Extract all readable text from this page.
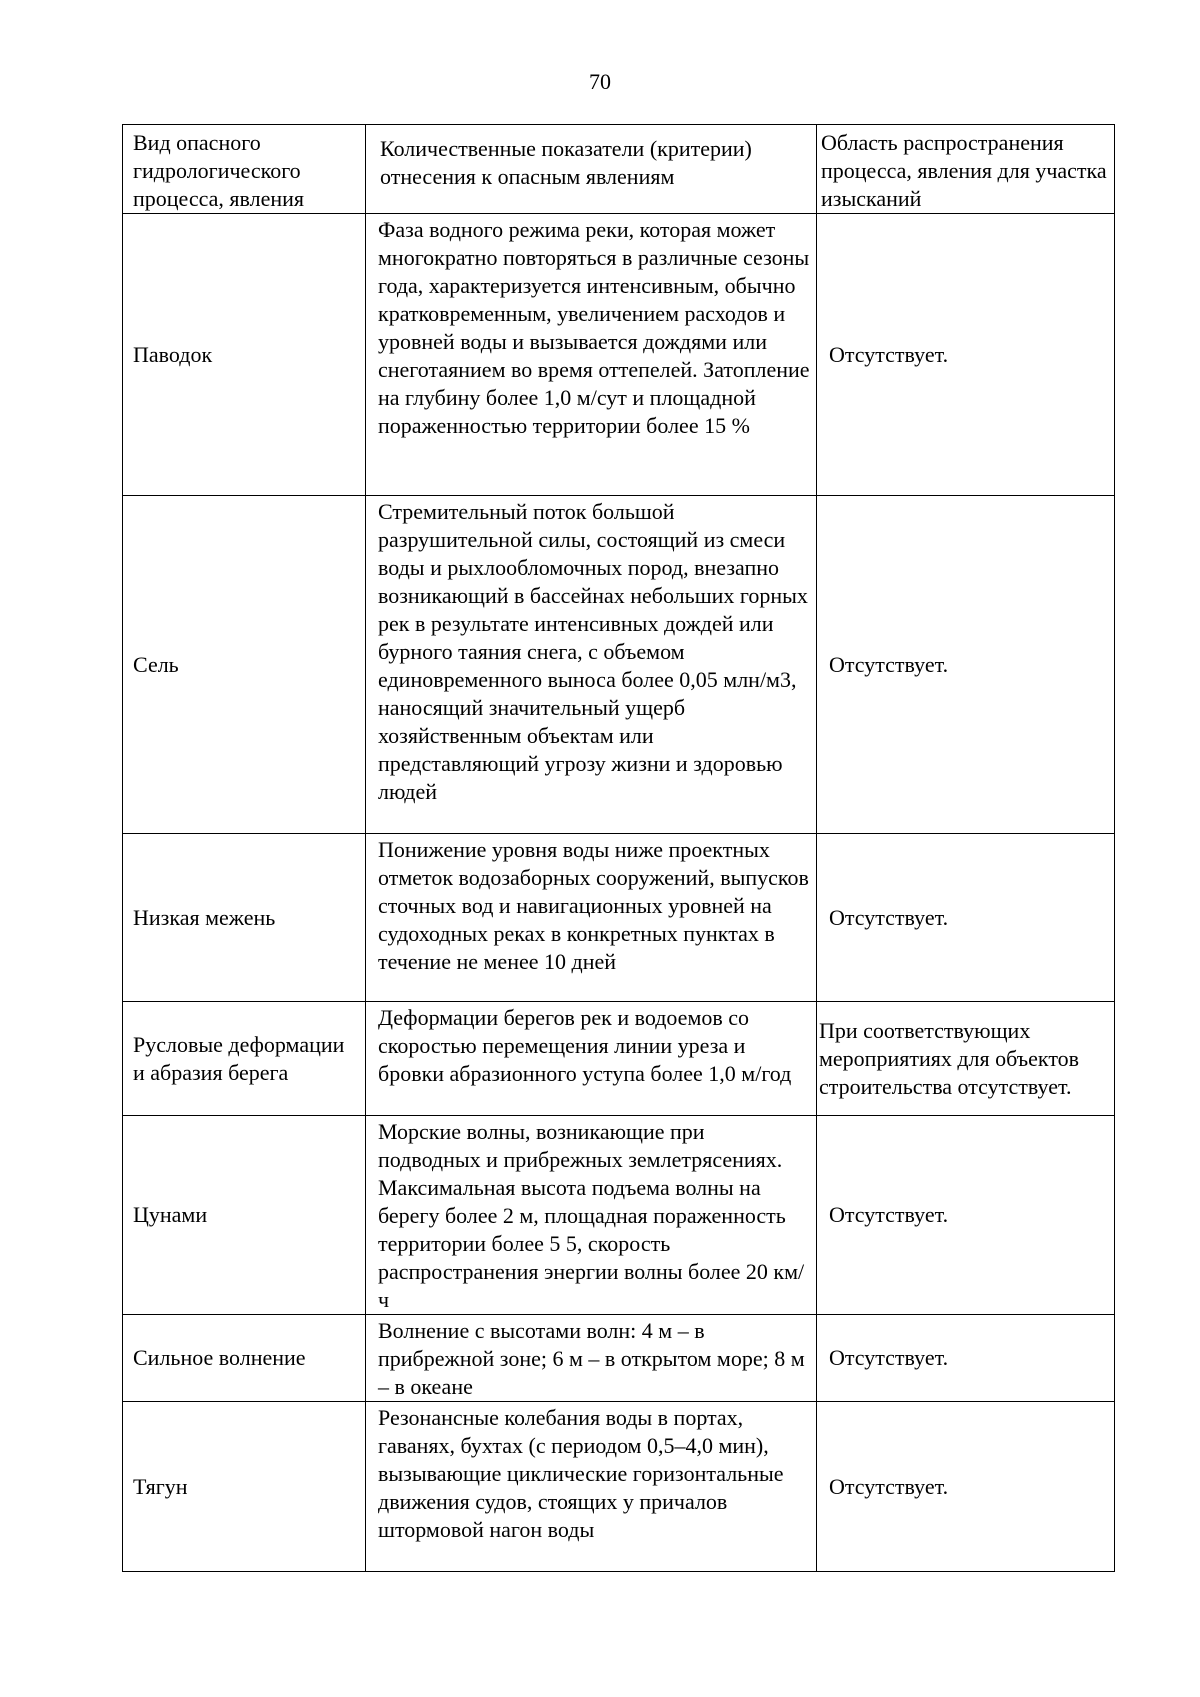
70
Вид опасного гидрологического процесса, явления	Количественные показатели (критерии) отнесения к опасным явлениям	Область распространения процесса, явления для участка изысканий
Паводок	Фаза водного режима реки, которая может многократно повторяться в различные сезоны года, характеризуется интенсивным, обычно кратковременным, увеличением расходов и уровней воды и вызывается дождями или снеготаянием во время оттепелей. Затопление на глубину более 1,0 м/сут и площадной пораженностью территории более 15 %	Отсутствует.
Сель	Стремительный поток большой разрушительной силы, состоящий из смеси воды и рыхлообломочных пород, внезапно возникающий в бассейнах небольших горных рек в результате интенсивных дождей или бурного таяния снега, с объемом единовременного выноса более 0,05 млн/м3, наносящий значительный ущерб хозяйственным объектам или представляющий угрозу жизни и здоровью людей	Отсутствует.
Низкая межень	Понижение уровня воды ниже проектных отметок водозаборных сооружений, выпусков сточных вод и навигационных уровней на судоходных реках в конкретных пунктах в течение не менее 10 дней	Отсутствует.
Русловые деформации и абразия берега	Деформации берегов рек и водоемов со скоростью перемещения линии уреза и бровки абразионного уступа более 1,0 м/год	При соответствующих мероприятиях для объектов строительства отсутствует.
Цунами	Морские волны, возникающие при подводных и прибрежных землетрясениях. Максимальная высота подъема волны на берегу более 2 м, площадная пораженность территории более 5 5, скорость распространения энергии волны более 20 км/ч	Отсутствует.
Сильное волнение	Волнение с высотами волн: 4 м – в прибрежной зоне; 6 м – в открытом море; 8 м – в океане	Отсутствует.
Тягун	Резонансные колебания воды в портах, гаванях, бухтах (с периодом 0,5–4,0 мин), вызывающие циклические горизонтальные движения судов, стоящих у причалов штормовой нагон воды	Отсутствует.
